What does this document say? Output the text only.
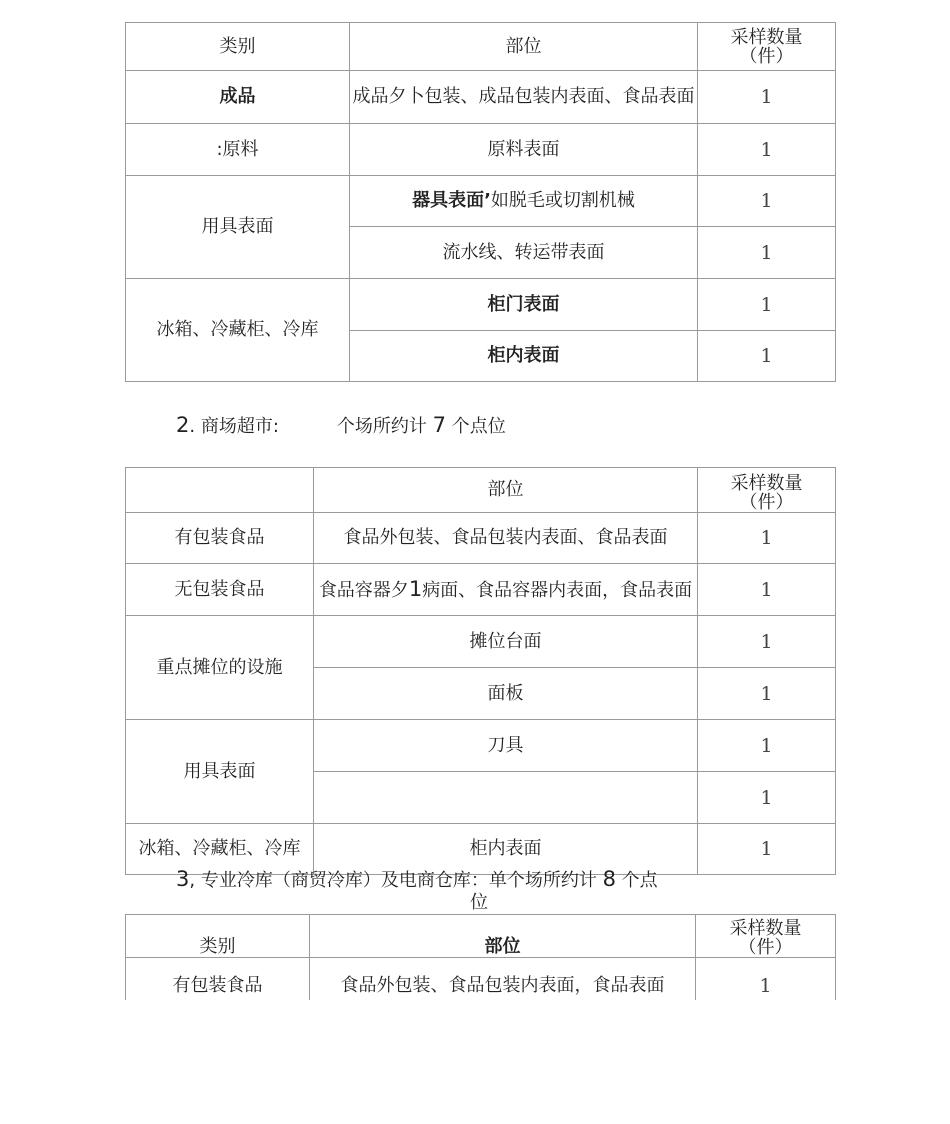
类别	部位	采样数量
（件）
成品	成品夕卜包装、成品包装内表面、食品表面	1
:原料	原料表面	1
用具表面	器具表面’如脱毛或切割机械	1
	流水线、转运带表面	1
冰箱、冷藏柜、冷库	柜门表面	1
	柜内表面	1
2. 商场超市:	个场所约计 7 个点位
	部位	采样数量
（件）
有包装食品	食品外包装、食品包装内表面、食品表面	1
无包装食品	食品容器夕1病面、食品容器内表面，食品表面	1
重点摊位的设施	摊位台面	1
	面板	1
用具表面	刀具	1
		1
冰箱、冷藏柜、冷库	柜内表面	1
3, 专业冷库（商贸冷库）及电商仓库：单个场所约计 8 个点
位
类别	部位	采样数量
（件）
有包装食品	食品外包装、食品包装内表面，食品表面	1
